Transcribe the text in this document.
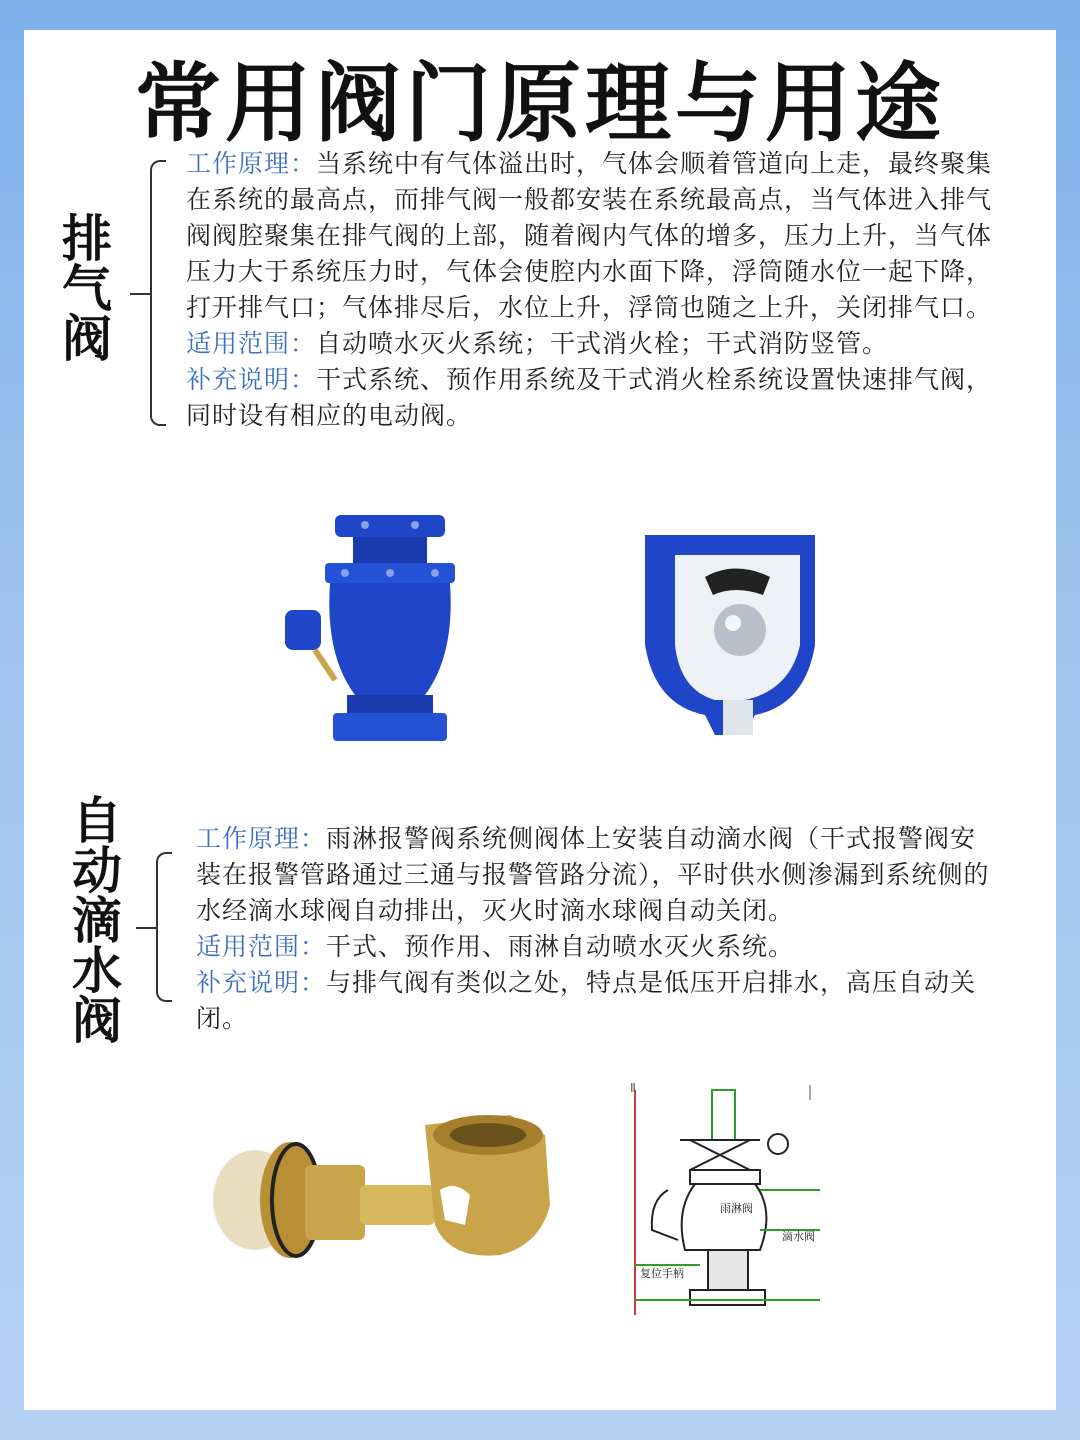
常用阀门原理与用途
排气阀

工作原理：当系统中有气体溢出时，气体会顺着管道向上走，最终聚集在系统的最高点，而排气阀一般都安装在系统最高点，当气体进入排气阀阀腔聚集在排气阀的上部，随着阀内气体的增多，压力上升，当气体压力大于系统压力时，气体会使腔内水面下降，浮筒随水位一起下降，打开排气口；气体排尽后，水位上升，浮筒也随之上升，关闭排气口。

适用范围：自动喷水灭火系统；干式消火栓；干式消防竖管。

补充说明：干式系统、预作用系统及干式消火栓系统设置快速排气阀，同时设有相应的电动阀。

自动滴水阀	工作原理：雨淋报警阀系统侧阀体上安装自动滴水阀（干式报警阀安装在报警管路通过三通与报警管路分流），平时供水侧渗漏到系统侧的水经滴水球阀自动排出，灭火时滴水球阀自动关闭。

适用范围：干式、预作用、雨淋自动喷水灭火系统。

补充说明：与排气阀有类似之处，特点是低压开启排水，高压自动关闭。

Ⅱ
雨淋阀
滴水阀
复位手柄
